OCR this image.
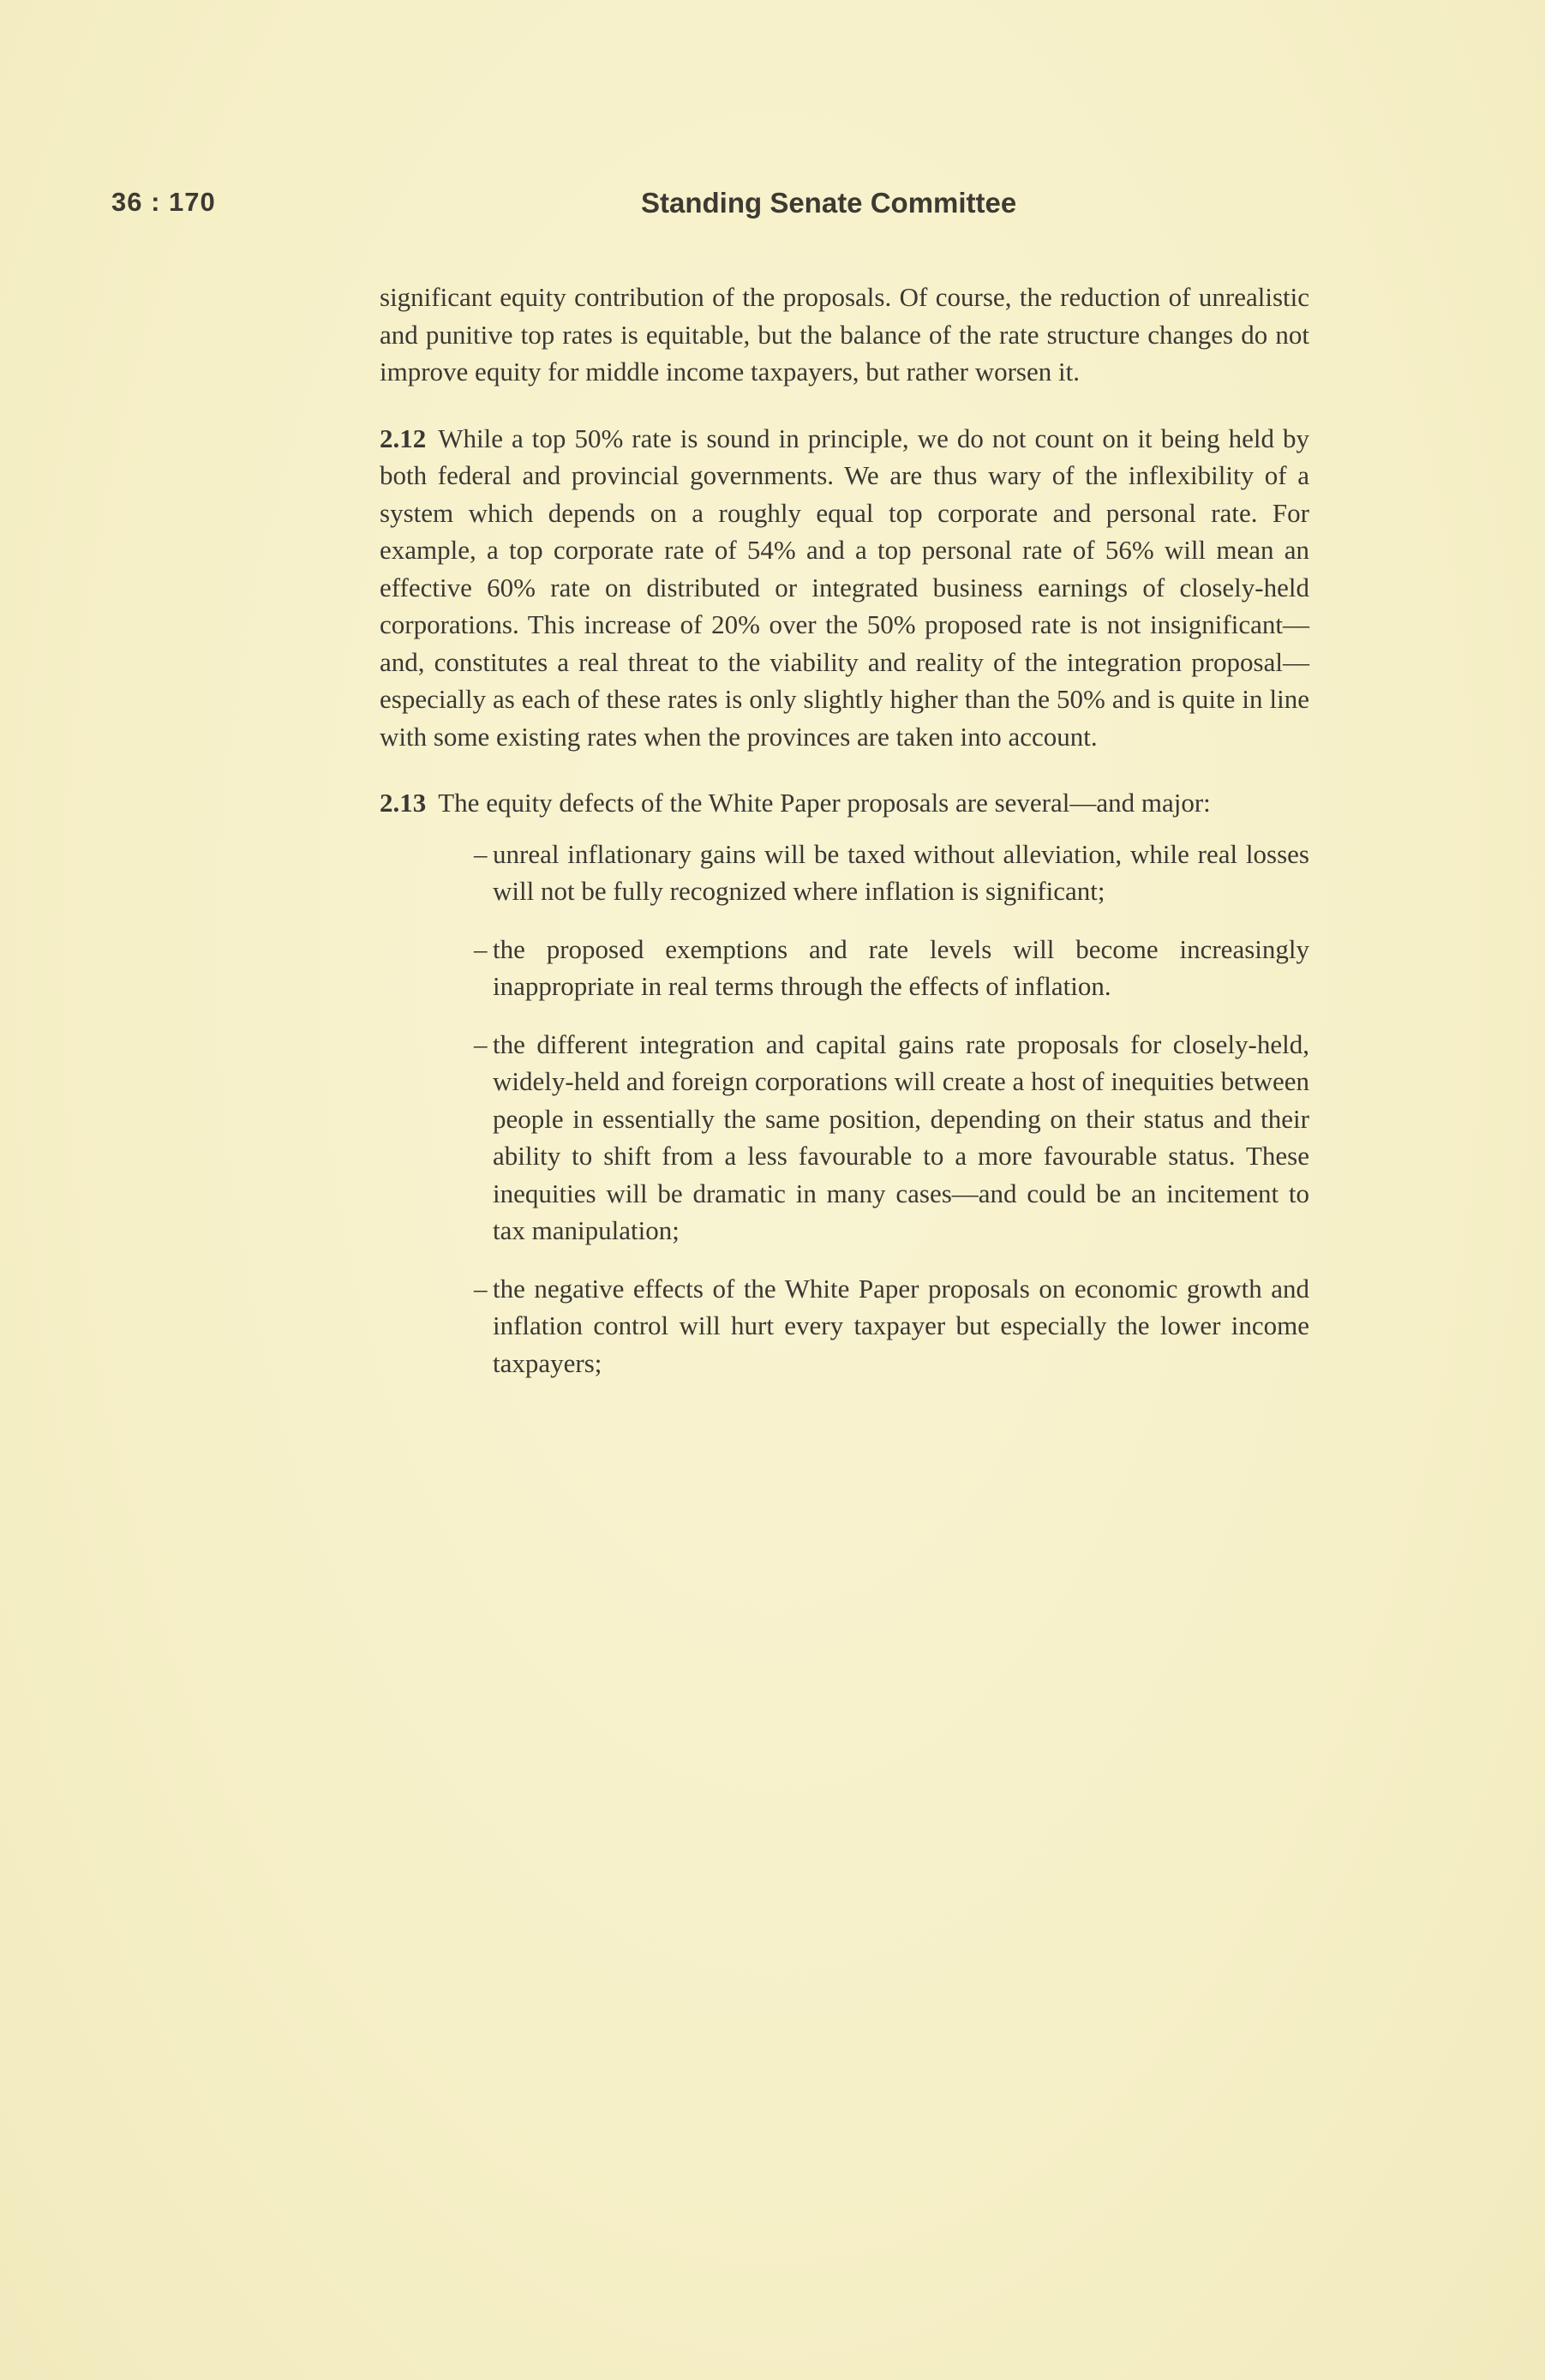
36 : 170	Standing Senate Committee

significant equity contribution of the proposals. Of course, the reduction of unrealistic and punitive top rates is equitable, but the balance of the rate structure changes do not improve equity for middle income taxpayers, but rather worsen it.

2.12 While a top 50% rate is sound in principle, we do not count on it being held by both federal and provincial governments. We are thus wary of the inflexibility of a system which depends on a roughly equal top corporate and personal rate. For example, a top corporate rate of 54% and a top personal rate of 56% will mean an effective 60% rate on distributed or integrated business earnings of closely-held corporations. This increase of 20% over the 50% proposed rate is not insignificant—and, constitutes a real threat to the viability and reality of the integration proposal—especially as each of these rates is only slightly higher than the 50% and is quite in line with some existing rates when the provinces are taken into account.

2.13 The equity defects of the White Paper proposals are several—and major:

– unreal inflationary gains will be taxed without alleviation, while real losses will not be fully recognized where inflation is significant;
– the proposed exemptions and rate levels will become increasingly inappropriate in real terms through the effects of inflation.
– the different integration and capital gains rate proposals for closely-held, widely-held and foreign corporations will create a host of inequities between people in essentially the same position, depending on their status and their ability to shift from a less favourable to a more favourable status. These inequities will be dramatic in many cases—and could be an incitement to tax manipulation;
– the negative effects of the White Paper proposals on economic growth and inflation control will hurt every taxpayer but especially the lower income taxpayers;
